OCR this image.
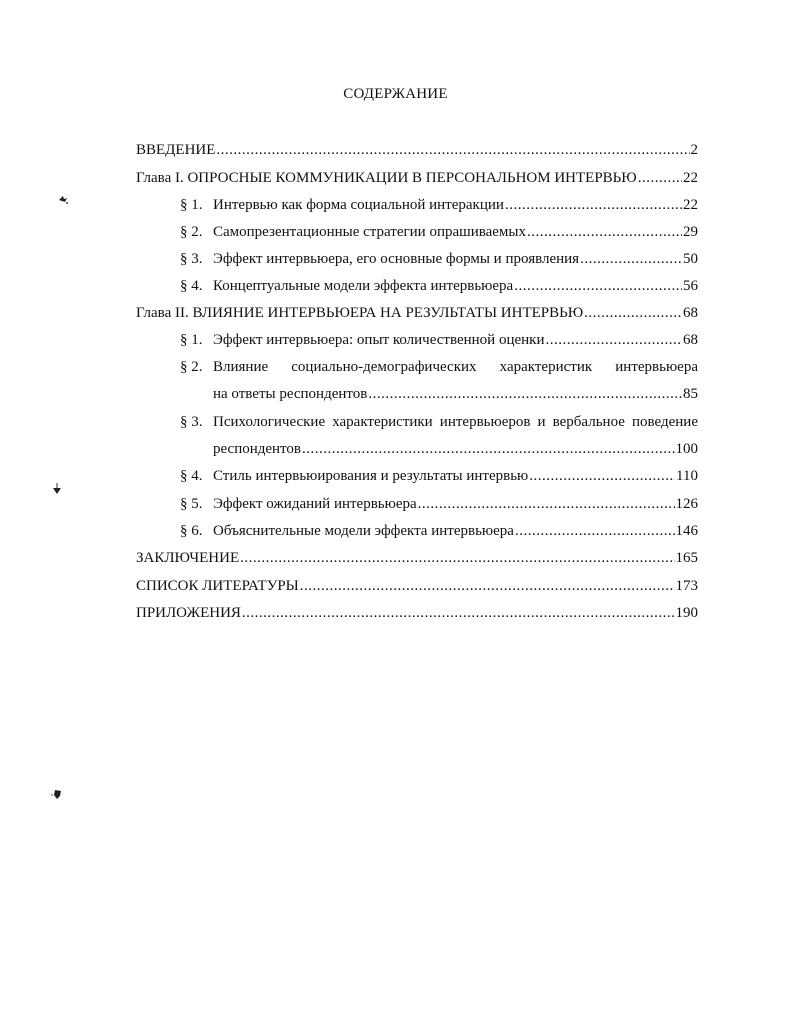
СОДЕРЖАНИЕ
ВВЕДЕНИЕ .....	2
Глава I. ОПРОСНЫЕ КОММУНИКАЦИИ В ПЕРСОНАЛЬНОМ ИНТЕРВЬЮ .....	22
§ 1. Интервью как форма социальной интеракции .....	22
§ 2. Самопрезентационные стратегии опрашиваемых .....	29
§ 3. Эффект интервьюера, его основные формы и проявления .....	50
§ 4. Концептуальные модели эффекта интервьюера .....	56
Глава II. ВЛИЯНИЕ ИНТЕРВЬЮЕРА НА РЕЗУЛЬТАТЫ ИНТЕРВЬЮ .....	68
§ 1. Эффект интервьюера: опыт количественной оценки .....	68
§ 2. Влияние социально-демографических характеристик интервьюера
на ответы респондентов .....	85
§ 3. Психологические характеристики интервьюеров и вербальное поведение
респондентов .....	100
§ 4. Стиль интервьюирования и результаты интервью .....	110
§ 5. Эффект ожиданий интервьюера .....	126
§ 6. Объяснительные модели эффекта интервьюера .....	146
ЗАКЛЮЧЕНИЕ .....	165
СПИСОК ЛИТЕРАТУРЫ .....	173
ПРИЛОЖЕНИЯ .....	190
